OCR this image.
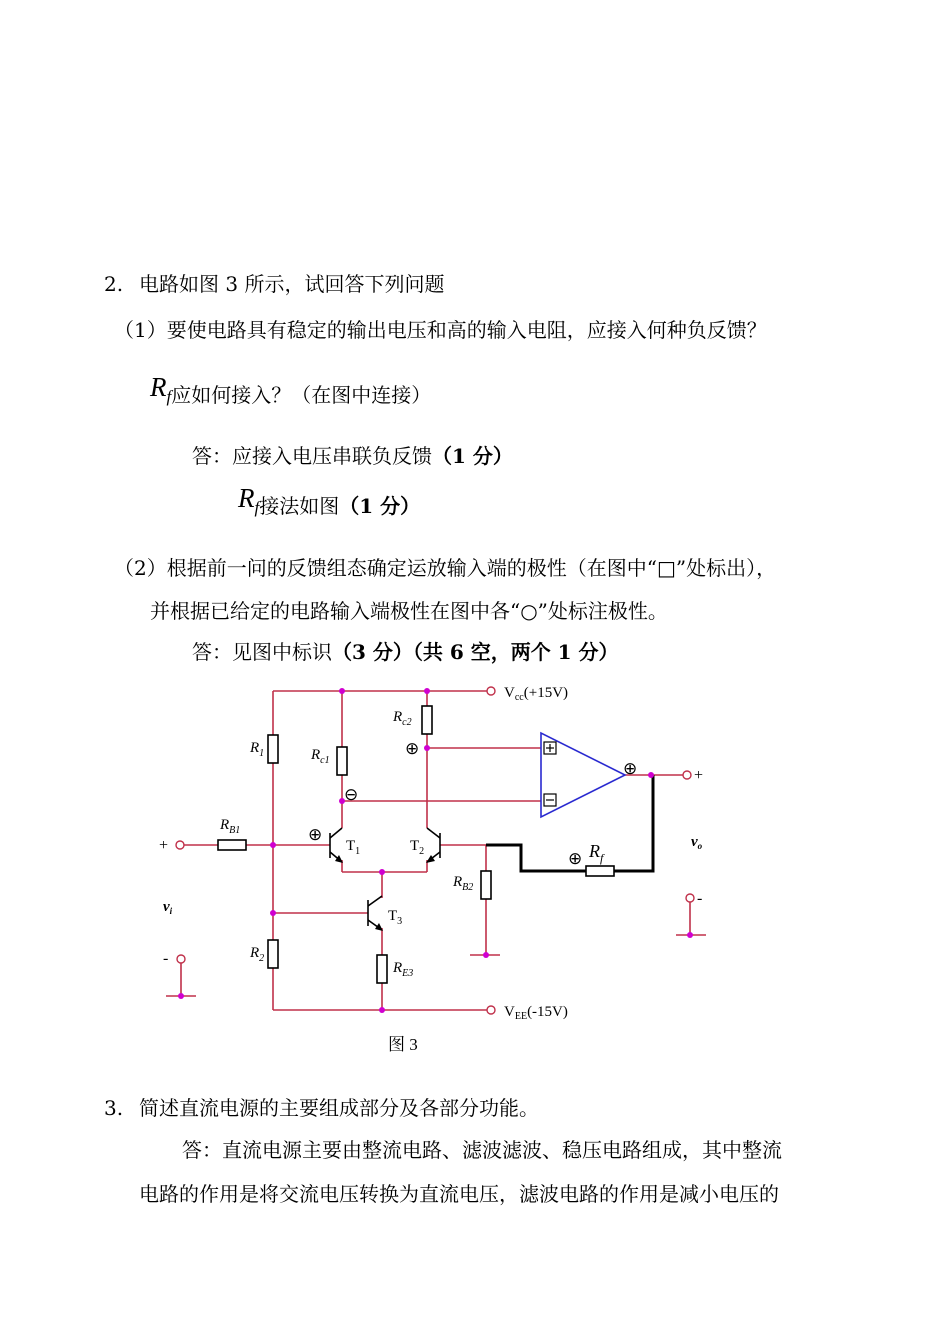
2. 电路如图 3 所示，试回答下列问题
（1）要使电路具有稳定的输出电压和高的输入电阻，应接入何种负反馈？
$R_f$应如何接入？（在图中连接）
答：应接入电压串联负反馈（1 分）
$R_f$接法如图（1 分）
（2）根据前一问的反馈组态确定运放输入端的极性（在图中“□”处标出），
并根据已给定的电路输入端极性在图中各“○”处标注极性。
答：见图中标识（3 分）（共 6 空，两个 1 分）
$V_{cc}(+15V)$
$V_{EE}(-15V)$
$R_1$
$R_2$
$R_{c1}$
$R_{c2}$
$R_{B1}$
$R_{B2}$
$R_{E3}$
$R_f$
$T_1$	$T_2$
$T_3$
$v_i$
$v_o$
+
-
+
-
⊕
⊖
⊕
⊕
⊕
图 3
3. 简述直流电源的主要组成部分及各部分功能。
答：直流电源主要由整流电路、滤波滤波、稳压电路组成，其中整流
电路的作用是将交流电压转换为直流电压，滤波电路的作用是减小电压的
